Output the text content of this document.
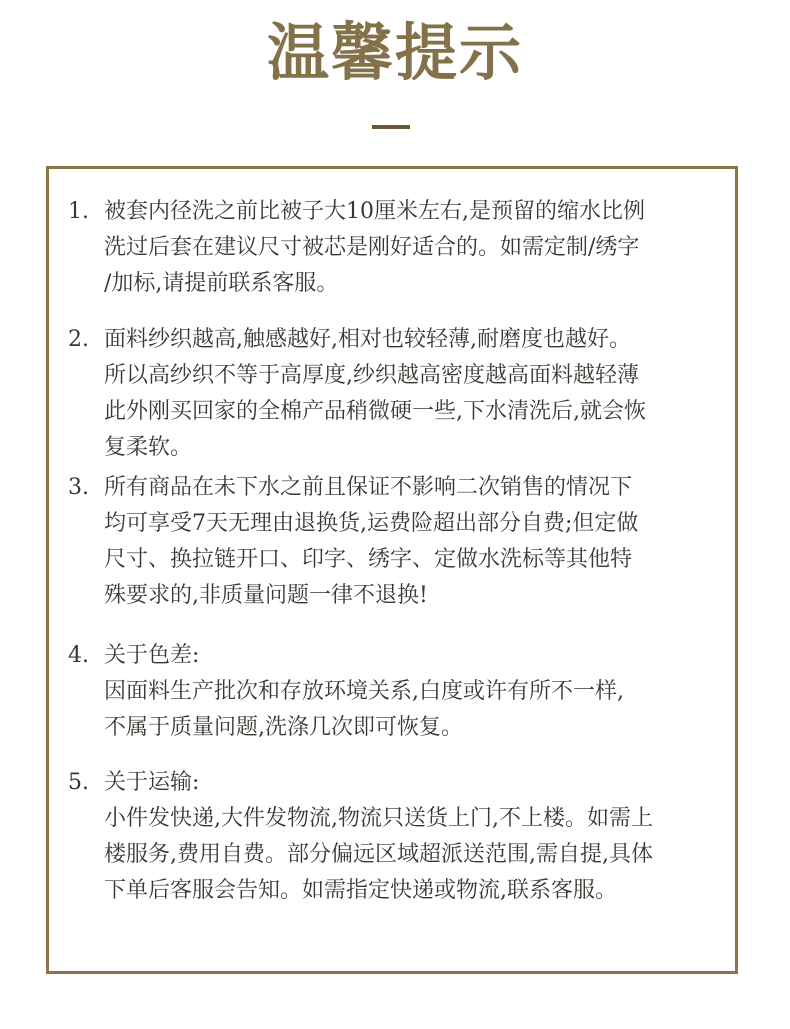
温馨提示
1. 被套内径洗之前比被子大10厘米左右,是预留的缩水比例
洗过后套在建议尺寸被芯是刚好适合的。如需定制/绣字
/加标,请提前联系客服。
2. 面料纱织越高,触感越好,相对也较轻薄,耐磨度也越好。
所以高纱织不等于高厚度,纱织越高密度越高面料越轻薄
此外刚买回家的全棉产品稍微硬一些,下水清洗后,就会恢
复柔软。
3. 所有商品在未下水之前且保证不影响二次销售的情况下
均可享受7天无理由退换货,运费险超出部分自费;但定做
尺寸、换拉链开口、印字、绣字、定做水洗标等其他特
殊要求的,非质量问题一律不退换!
4. 关于色差:
因面料生产批次和存放环境关系,白度或许有所不一样,
不属于质量问题,洗涤几次即可恢复。
5. 关于运输:
小件发快递,大件发物流,物流只送货上门,不上楼。如需上
楼服务,费用自费。部分偏远区域超派送范围,需自提,具体
下单后客服会告知。如需指定快递或物流,联系客服。
